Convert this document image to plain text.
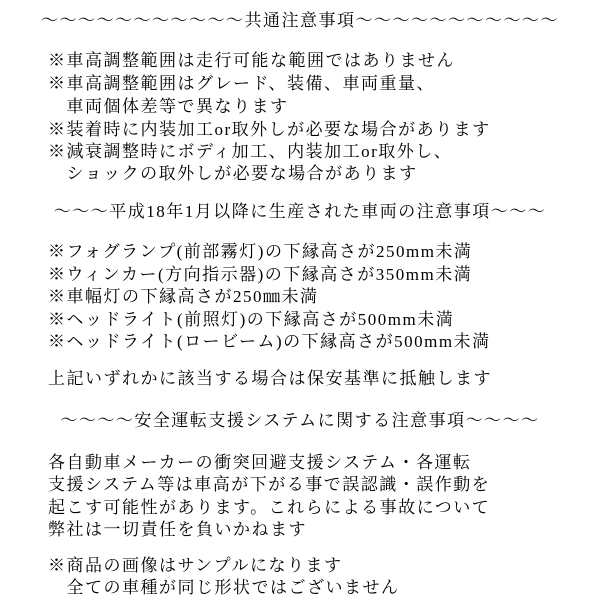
～～～～～～～～～～～共通注意事項～～～～～～～～～～～
※車高調整範囲は走行可能な範囲ではありません
※車高調整範囲はグレード、装備、車両重量、
　車両個体差等で異なります
※装着時に内装加工or取外しが必要な場合があります
※減衰調整時にボディ加工、内装加工or取外し、
　ショックの取外しが必要な場合があります
～～～平成18年1月以降に生産された車両の注意事項～～～
※フォグランプ(前部霧灯)の下縁高さが250mm未満
※ウィンカー(方向指示器)の下縁高さが350mm未満
※車幅灯の下縁高さが250㎜未満
※ヘッドライト(前照灯)の下縁高さが500mm未満
※ヘッドライト(ロービーム)の下縁高さが500mm未満
上記いずれかに該当する場合は保安基準に抵触します
～～～～安全運転支援システムに関する注意事項～～～～
各自動車メーカーの衝突回避支援システム・各運転
支援システム等は車高が下がる事で誤認識・誤作動を
起こす可能性があります。これらによる事故について
弊社は一切責任を負いかねます
※商品の画像はサンプルになります
　全ての車種が同じ形状ではございません
